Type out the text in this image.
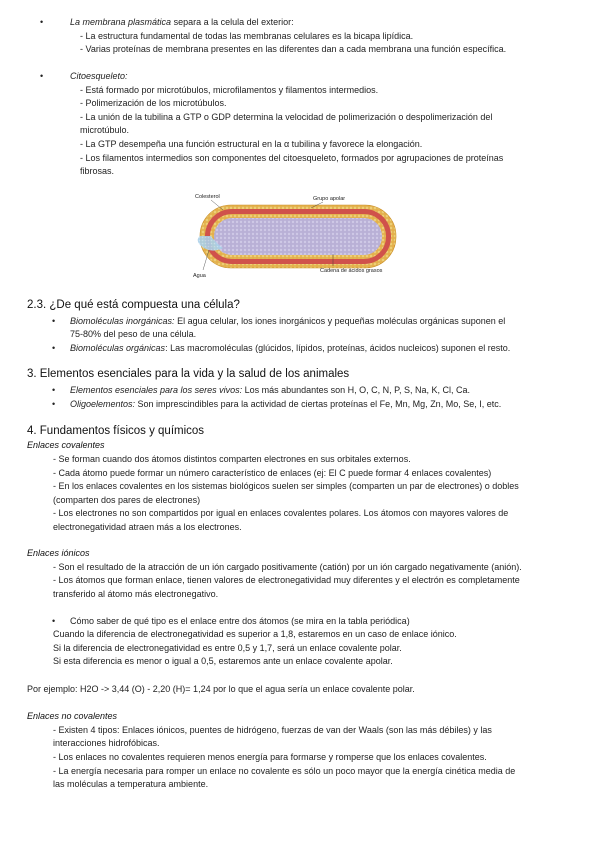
•	La membrana plasmática separa a la celula del exterior:
- La estructura fundamental de todas las membranas celulares es la bicapa lipídica.
- Varias proteínas de membrana presentes en las diferentes dan a cada membrana una función específica.
•	Citoesqueleto:
- Está formado por microtúbulos, microfilamentos y filamentos intermedios.
- Polimerización de los microtúbulos.
- La unión de la tubilina a GTP o GDP determina la velocidad de polimerización o despolimerización del
microtúbulo.
- La GTP desempeña una función estructural en la α tubilina y favorece la elongación.
- Los filamentos intermedios son componentes del citoesqueleto, formados por agrupaciones de proteínas
fibrosas.
Colesterol	Grupo apolar
Agua
Cadena de ácidos grasos
2.3. ¿De qué está compuesta una célula?
• Biomoléculas inorgánicas: El agua celular, los iones inorgánicos y pequeñas moléculas orgánicas suponen el
75-80% del peso de una célula.
• Biomoléculas orgánicas: Las macromoléculas (glúcidos, lípidos, proteínas, ácidos nucleicos) suponen el resto.
3. Elementos esenciales para la vida y la salud de los animales
• Elementos esenciales para los seres vivos: Los más abundantes son H, O, C, N, P, S, Na, K, Cl, Ca.
• Oligoelementos: Son imprescindibles para la actividad de ciertas proteínas el Fe, Mn, Mg, Zn, Mo, Se, I, etc.
4. Fundamentos físicos y químicos
Enlaces covalentes
- Se forman cuando dos átomos distintos comparten electrones en sus orbitales externos.
- Cada átomo puede formar un número característico de enlaces (ej: El C puede formar 4 enlaces covalentes)
- En los enlaces covalentes en los sistemas biológicos suelen ser simples (comparten un par de electrones) o dobles
(comparten dos pares de electrones)
- Los electrones no son compartidos por igual en enlaces covalentes polares. Los átomos con mayores valores de
electronegatividad atraen más a los electrones.
Enlaces iónicos
- Son el resultado de la atracción de un ión cargado positivamente (catión) por un ión cargado negativamente (anión).
- Los átomos que forman enlace, tienen valores de electronegatividad muy diferentes y el electrón es completamente
transferido al átomo más electronegativo.
• Cómo saber de qué tipo es el enlace entre dos átomos (se mira en la tabla periódica)
Cuando la diferencia de electronegatividad es superior a 1,8, estaremos en un caso de enlace iónico.
Si la diferencia de electronegatividad es entre 0,5 y 1,7, será un enlace covalente polar.
Si esta diferencia es menor o igual a 0,5, estaremos ante un enlace covalente apolar.
Por ejemplo: H2O -> 3,44 (O) - 2,20 (H)= 1,24 por lo que el agua sería un enlace covalente polar.
Enlaces no covalentes
- Existen 4 tipos: Enlaces iónicos, puentes de hidrógeno, fuerzas de van der Waals (son las más débiles) y las
interacciones hidrofóbicas.
- Los enlaces no covalentes requieren menos energía para formarse y romperse que los enlaces covalentes.
- La energía necesaria para romper un enlace no covalente es sólo un poco mayor que la energía cinética media de
las moléculas a temperatura ambiente.
